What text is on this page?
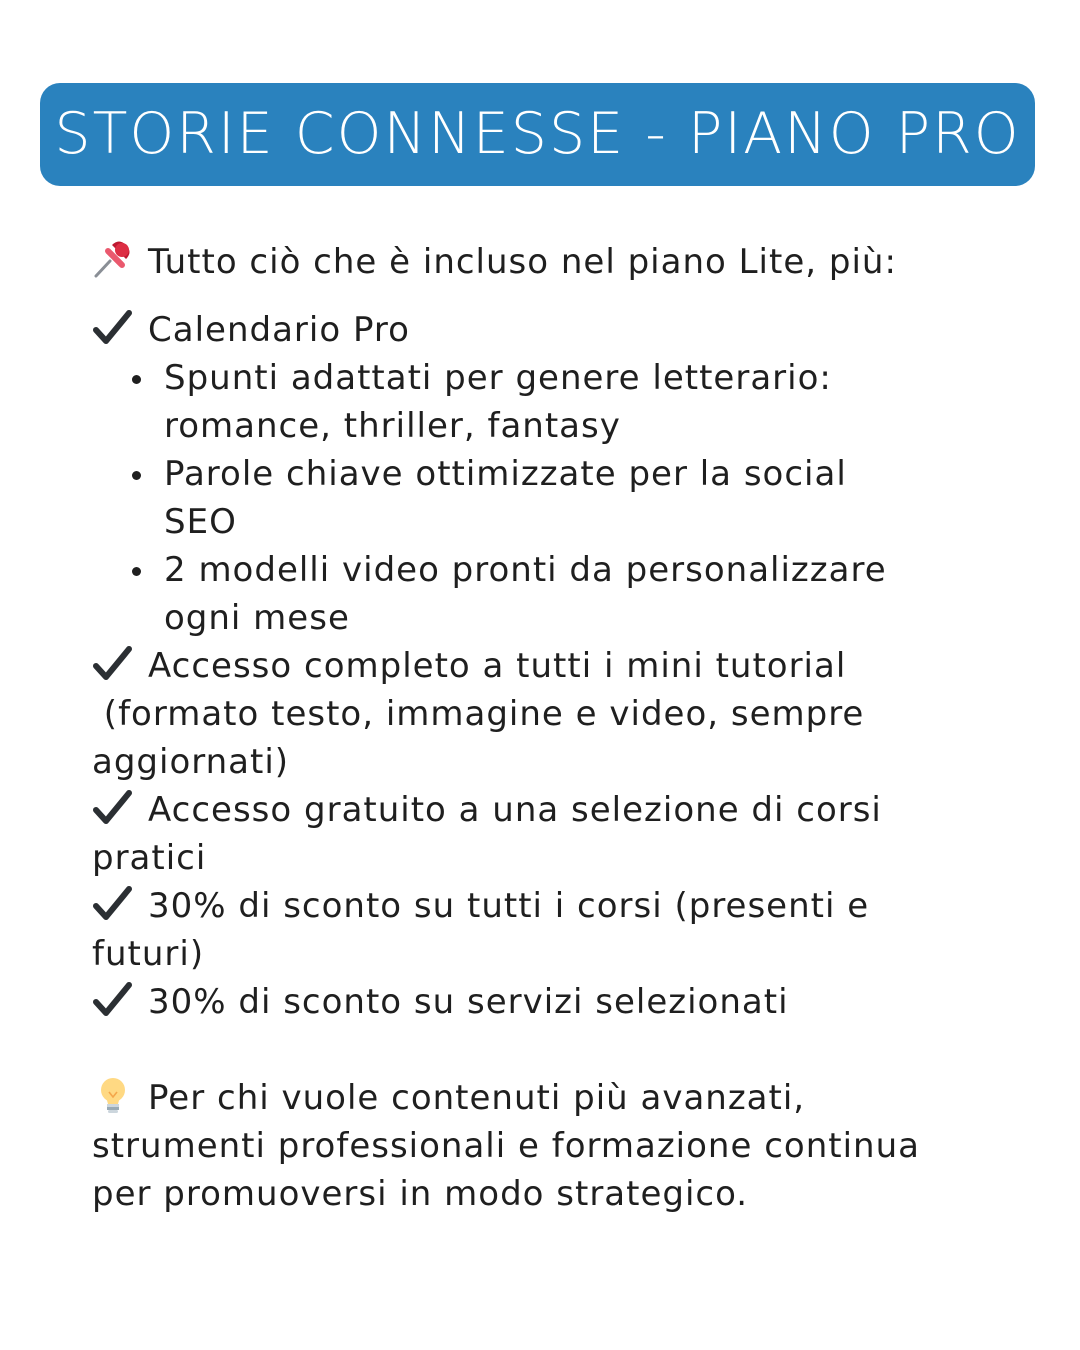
STORIE CONNESSE - PIANO PRO
Tutto ciò che è incluso nel piano Lite, più:
Calendario Pro
Spunti adattati per genere letterario:
romance, thriller, fantasy
Parole chiave ottimizzate per la social
SEO
2 modelli video pronti da personalizzare
ogni mese
Accesso completo a tutti i mini tutorial
(formato testo, immagine e video, sempre
aggiornati)
Accesso gratuito a una selezione di corsi
pratici
30% di sconto su tutti i corsi (presenti e
futuri)
30% di sconto su servizi selezionati
Per chi vuole contenuti più avanzati,
strumenti professionali e formazione continua
per promuoversi in modo strategico.
